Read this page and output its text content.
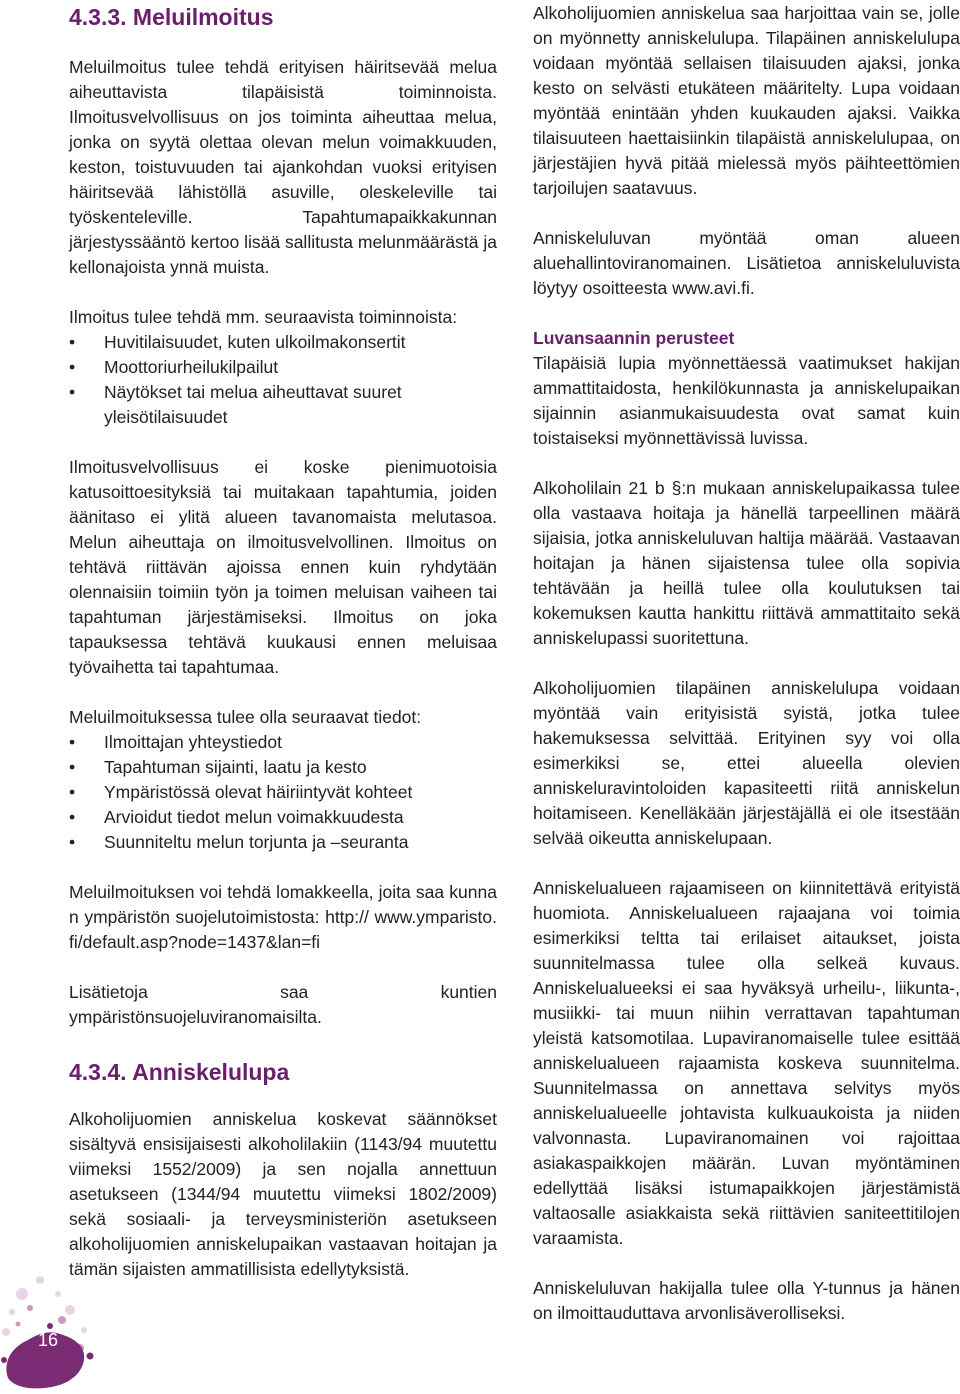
4.3.3. Meluilmoitus

Meluilmoitus tulee tehdä erityisen häiritsevää melua aiheuttavista tilapäisistä toiminnoista. Ilmoitusvelvollisuus on jos toiminta aiheuttaa melua, jonka on syytä olettaa olevan melun voimakkuuden, keston, toistuvuuden tai ajankohdan vuoksi erityisen häiritsevää lähistöllä asuville, oleskeleville tai työskenteleville. Tapahtumapaikkakunnan järjestyssääntö kertoo lisää sallitusta melunmäärästä ja kellonajoista ynnä muista.

Ilmoitus tulee tehdä mm. seuraavista toiminnoista:

• Huvitilaisuudet, kuten ulkoilmakonsertit
• Moottoriurheilukilpailut
• Näytökset tai melua aiheuttavat suuret yleisötilaisuudet

Ilmoitusvelvollisuus ei koske pienimuotoisia katusoittoesityksiä tai muitakaan tapahtumia, joiden äänitaso ei ylitä alueen tavanomaista melutasoa. Melun aiheuttaja on ilmoitusvelvollinen. Ilmoitus on tehtävä riittävän ajoissa ennen kuin ryhdytään olennaisiin toimiin työn ja toimen meluisan vaiheen tai tapahtuman järjestämiseksi. Ilmoitus on joka tapauksessa tehtävä kuukausi ennen meluisaa työvaihetta tai tapahtumaa.

Meluilmoituksessa tulee olla seuraavat tiedot:

• Ilmoittajan yhteystiedot
• Tapahtuman sijainti, laatu ja kesto
• Ympäristössä olevat häiriintyvät kohteet
• Arvioidut tiedot melun voimakkuudesta
• Suunniteltu melun torjunta ja –seuranta

Meluilmoituksen voi tehdä lomakkeella, joita saa kunnan ympäristön suojelutoimistosta: http:// www.ymparisto.fi/default.asp?node=1437&lan=fi

Lisätietoja saa kuntien ympäristönsuojeluviranomaisilta.

4.3.4. Anniskelulupa

Alkoholijuomien anniskelua koskevat säännökset sisältyvä ensisijaisesti alkoholilakiin (1143/94 muutettu viimeksi 1552/2009) ja sen nojalla annettuun asetukseen (1344/94 muutettu viimeksi 1802/2009) sekä sosiaali- ja terveysministeriön asetukseen alkoholijuomien anniskelupaikan vastaavan hoitajan ja tämän sijaisten ammatillisista edellytyksistä.

Alkoholijuomien anniskelua saa harjoittaa vain se, jolle on myönnetty anniskelulupa. Tilapäinen anniskelulupa voidaan myöntää sellaisen tilaisuuden ajaksi, jonka kesto on selvästi etukäteen määritelty. Lupa voidaan myöntää enintään yhden kuukauden ajaksi. Vaikka tilaisuuteen haettaisiinkin tilapäistä anniskelulupaa, on järjestäjien hyvä pitää mielessä myös päihteettömien tarjoilujen saatavuus.

Anniskeluluvan myöntää oman alueen aluehallintoviranomainen. Lisätietoa anniskeluluvista löytyy osoitteesta www.avi.fi.

Luvansaannin perusteet

Tilapäisiä lupia myönnettäessä vaatimukset hakijan ammattitaidosta, henkilökunnasta ja anniskelupaikan sijainnin asianmukaisuudesta ovat samat kuin toistaiseksi myönnettävissä luvissa.

Alkoholilain 21 b §:n mukaan anniskelupaikassa tulee olla vastaava hoitaja ja hänellä tarpeellinen määrä sijaisia, jotka anniskeluluvan haltija määrää. Vastaavan hoitajan ja hänen sijaistensa tulee olla sopivia tehtävään ja heillä tulee olla koulutuksen tai kokemuksen kautta hankittu riittävä ammattitaito sekä anniskelupassi suoritettuna.

Alkoholijuomien tilapäinen anniskelulupa voidaan myöntää vain erityisistä syistä, jotka tulee hakemuksessa selvittää. Erityinen syy voi olla esimerkiksi se, ettei alueella olevien anniskeluravintoloiden kapasiteetti riitä anniskelun hoitamiseen. Kenelläkään järjestäjällä ei ole itsestään selvää oikeutta anniskelupaan.

Anniskelualueen rajaamiseen on kiinnitettävä erityistä huomiota. Anniskelualueen rajaajana voi toimia esimerkiksi teltta tai erilaiset aitaukset, joista suunnitelmassa tulee olla selkeä kuvaus. Anniskelualueeksi ei saa hyväksyä urheilu-, liikunta-, musiikki- tai muun niihin verrattavan tapahtuman yleistä katsomotilaa. Lupaviranomaiselle tulee esittää anniskelualueen rajaamista koskeva suunnitelma. Suunnitelmassa on annettava selvitys myös anniskelualueelle johtavista kulkuaukoista ja niiden valvonnasta. Lupaviranomainen voi rajoittaa asiakaspaikkojen määrän. Luvan myöntäminen edellyttää lisäksi istumapaikkojen järjestämistä valtaosalle asiakkaista sekä riittävien saniteettitilojen varaamista.

Anniskeluluvan hakijalla tulee olla Y-tunnus ja hänen on ilmoittauduttava arvonlisäverolliseksi.

16
